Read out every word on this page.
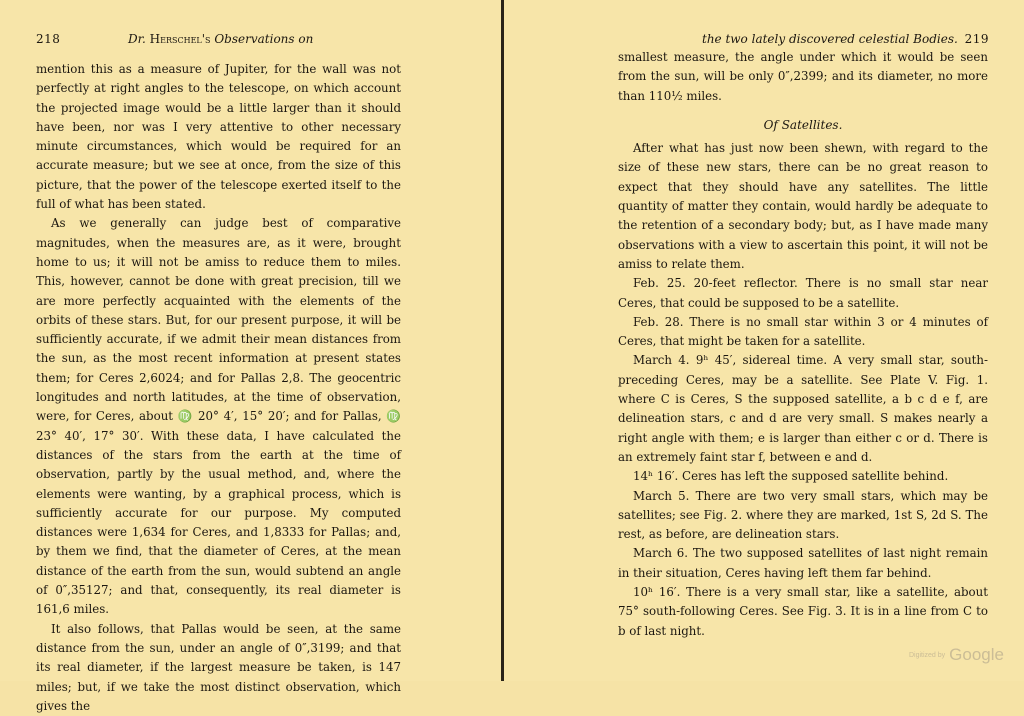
218	Dr. Herschel's Observations on

mention this as a measure of Jupiter, for the wall was not perfectly at right angles to the telescope, on which account the projected image would be a little larger than it should have been, nor was I very attentive to other necessary minute circumstances, which would be required for an accurate measure; but we see at once, from the size of this picture, that the power of the telescope exerted itself to the full of what has been stated.

As we generally can judge best of comparative magnitudes, when the measures are, as it were, brought home to us; it will not be amiss to reduce them to miles. This, however, cannot be done with great precision, till we are more perfectly acquainted with the elements of the orbits of these stars. But, for our present purpose, it will be sufficiently accurate, if we admit their mean distances from the sun, as the most recent information at present states them; for Ceres 2,6024; and for Pallas 2,8. The geocentric longitudes and north latitudes, at the time of observation, were, for Ceres, about ♍ 20° 4′, 15° 20′; and for Pallas, ♍ 23° 40′, 17° 30′. With these data, I have calculated the distances of the stars from the earth at the time of observation, partly by the usual method, and, where the elements were wanting, by a graphical process, which is sufficiently accurate for our purpose. My computed distances were 1,634 for Ceres, and 1,8333 for Pallas; and, by them we find, that the diameter of Ceres, at the mean distance of the earth from the sun, would subtend an angle of 0″,35127; and that, consequently, its real diameter is 161,6 miles.

It also follows, that Pallas would be seen, at the same distance from the sun, under an angle of 0″,3199; and that its real diameter, if the largest measure be taken, is 147 miles; but, if we take the most distinct observation, which gives the

the two lately discovered celestial Bodies. 219

smallest measure, the angle under which it would be seen from the sun, will be only 0″,2399; and its diameter, no more than 110½ miles.

Of Satellites.

After what has just now been shewn, with regard to the size of these new stars, there can be no great reason to expect that they should have any satellites. The little quantity of matter they contain, would hardly be adequate to the retention of a secondary body; but, as I have made many observations with a view to ascertain this point, it will not be amiss to relate them.

Feb. 25. 20-feet reflector. There is no small star near Ceres, that could be supposed to be a satellite.

Feb. 28. There is no small star within 3 or 4 minutes of Ceres, that might be taken for a satellite.

March 4. 9ʰ 45′, sidereal time. A very small star, south-preceding Ceres, may be a satellite. See Plate V. Fig. 1. where C is Ceres, S the supposed satellite, a b c d e f, are delineation stars, c and d are very small. S makes nearly a right angle with them; e is larger than either c or d. There is an extremely faint star f, between e and d.

14ʰ 16′. Ceres has left the supposed satellite behind.

March 5. There are two very small stars, which may be satellites; see Fig. 2. where they are marked, 1st S, 2d S. The rest, as before, are delineation stars.

March 6. The two supposed satellites of last night remain in their situation, Ceres having left them far behind.

10ʰ 16′. There is a very small star, like a satellite, about 75° south-following Ceres. See Fig. 3. It is in a line from C to b of last night.

Digitized by Google
